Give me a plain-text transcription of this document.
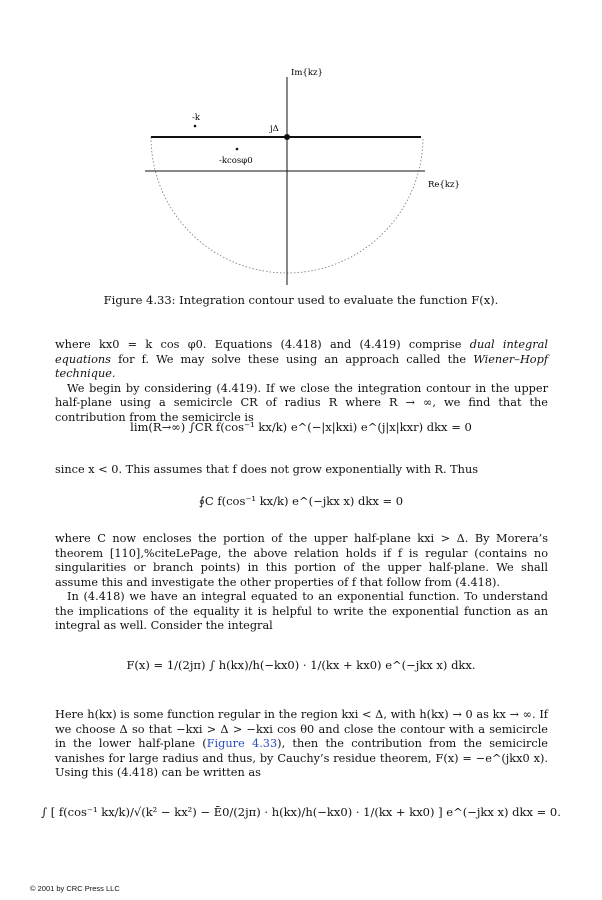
Im{kz}
Re{kz}
-k
jΔ
-kcosφ0
Figure 4.33: Integration contour used to evaluate the function F(x).

where kx0 = k cos φ0. Equations (4.418) and (4.419) comprise dual integral equations for f. We may solve these using an approach called the Wiener–Hopf technique.

We begin by considering (4.419). If we close the integration contour in the upper half-plane using a semicircle CR of radius R where R → ∞, we find that the contribution from the semicircle is

lim(R→∞) ∫CR f(cos⁻¹ kx/k) e^(−|x|kxi) e^(j|x|kxr) dkx = 0
since x < 0. This assumes that f does not grow exponentially with R. Thus
∮C f(cos⁻¹ kx/k) e^(−jkx x) dkx = 0

where C now encloses the portion of the upper half-plane kxi > Δ. By Morera’s theorem [110],%citeLePage, the above relation holds if f is regular (contains no singularities or branch points) in this portion of the upper half-plane. We shall assume this and investigate the other properties of f that follow from (4.418).

In (4.418) we have an integral equated to an exponential function. To understand the implications of the equality it is helpful to write the exponential function as an integral as well. Consider the integral

F(x) = 1/(2jπ) ∫ h(kx)/h(−kx0) · 1/(kx + kx0) e^(−jkx x) dkx.
Here h(kx) is some function regular in the region kxi < Δ, with h(kx) → 0 as kx → ∞. If we choose Δ so that −kxi > Δ > −kxi cos θ0 and close the contour with a semicircle in the lower half-plane (Figure 4.33), then the contribution from the semicircle vanishes for large radius and thus, by Cauchy’s residue theorem, F(x) = −e^(jkx0 x). Using this (4.418) can be written as
∫ [ f(cos⁻¹ kx/k)/√(k² − kx²) − Ē0/(2jπ) · h(kx)/h(−kx0) · 1/(kx + kx0) ] e^(−jkx x) dkx = 0.
© 2001 by CRC Press LLC
